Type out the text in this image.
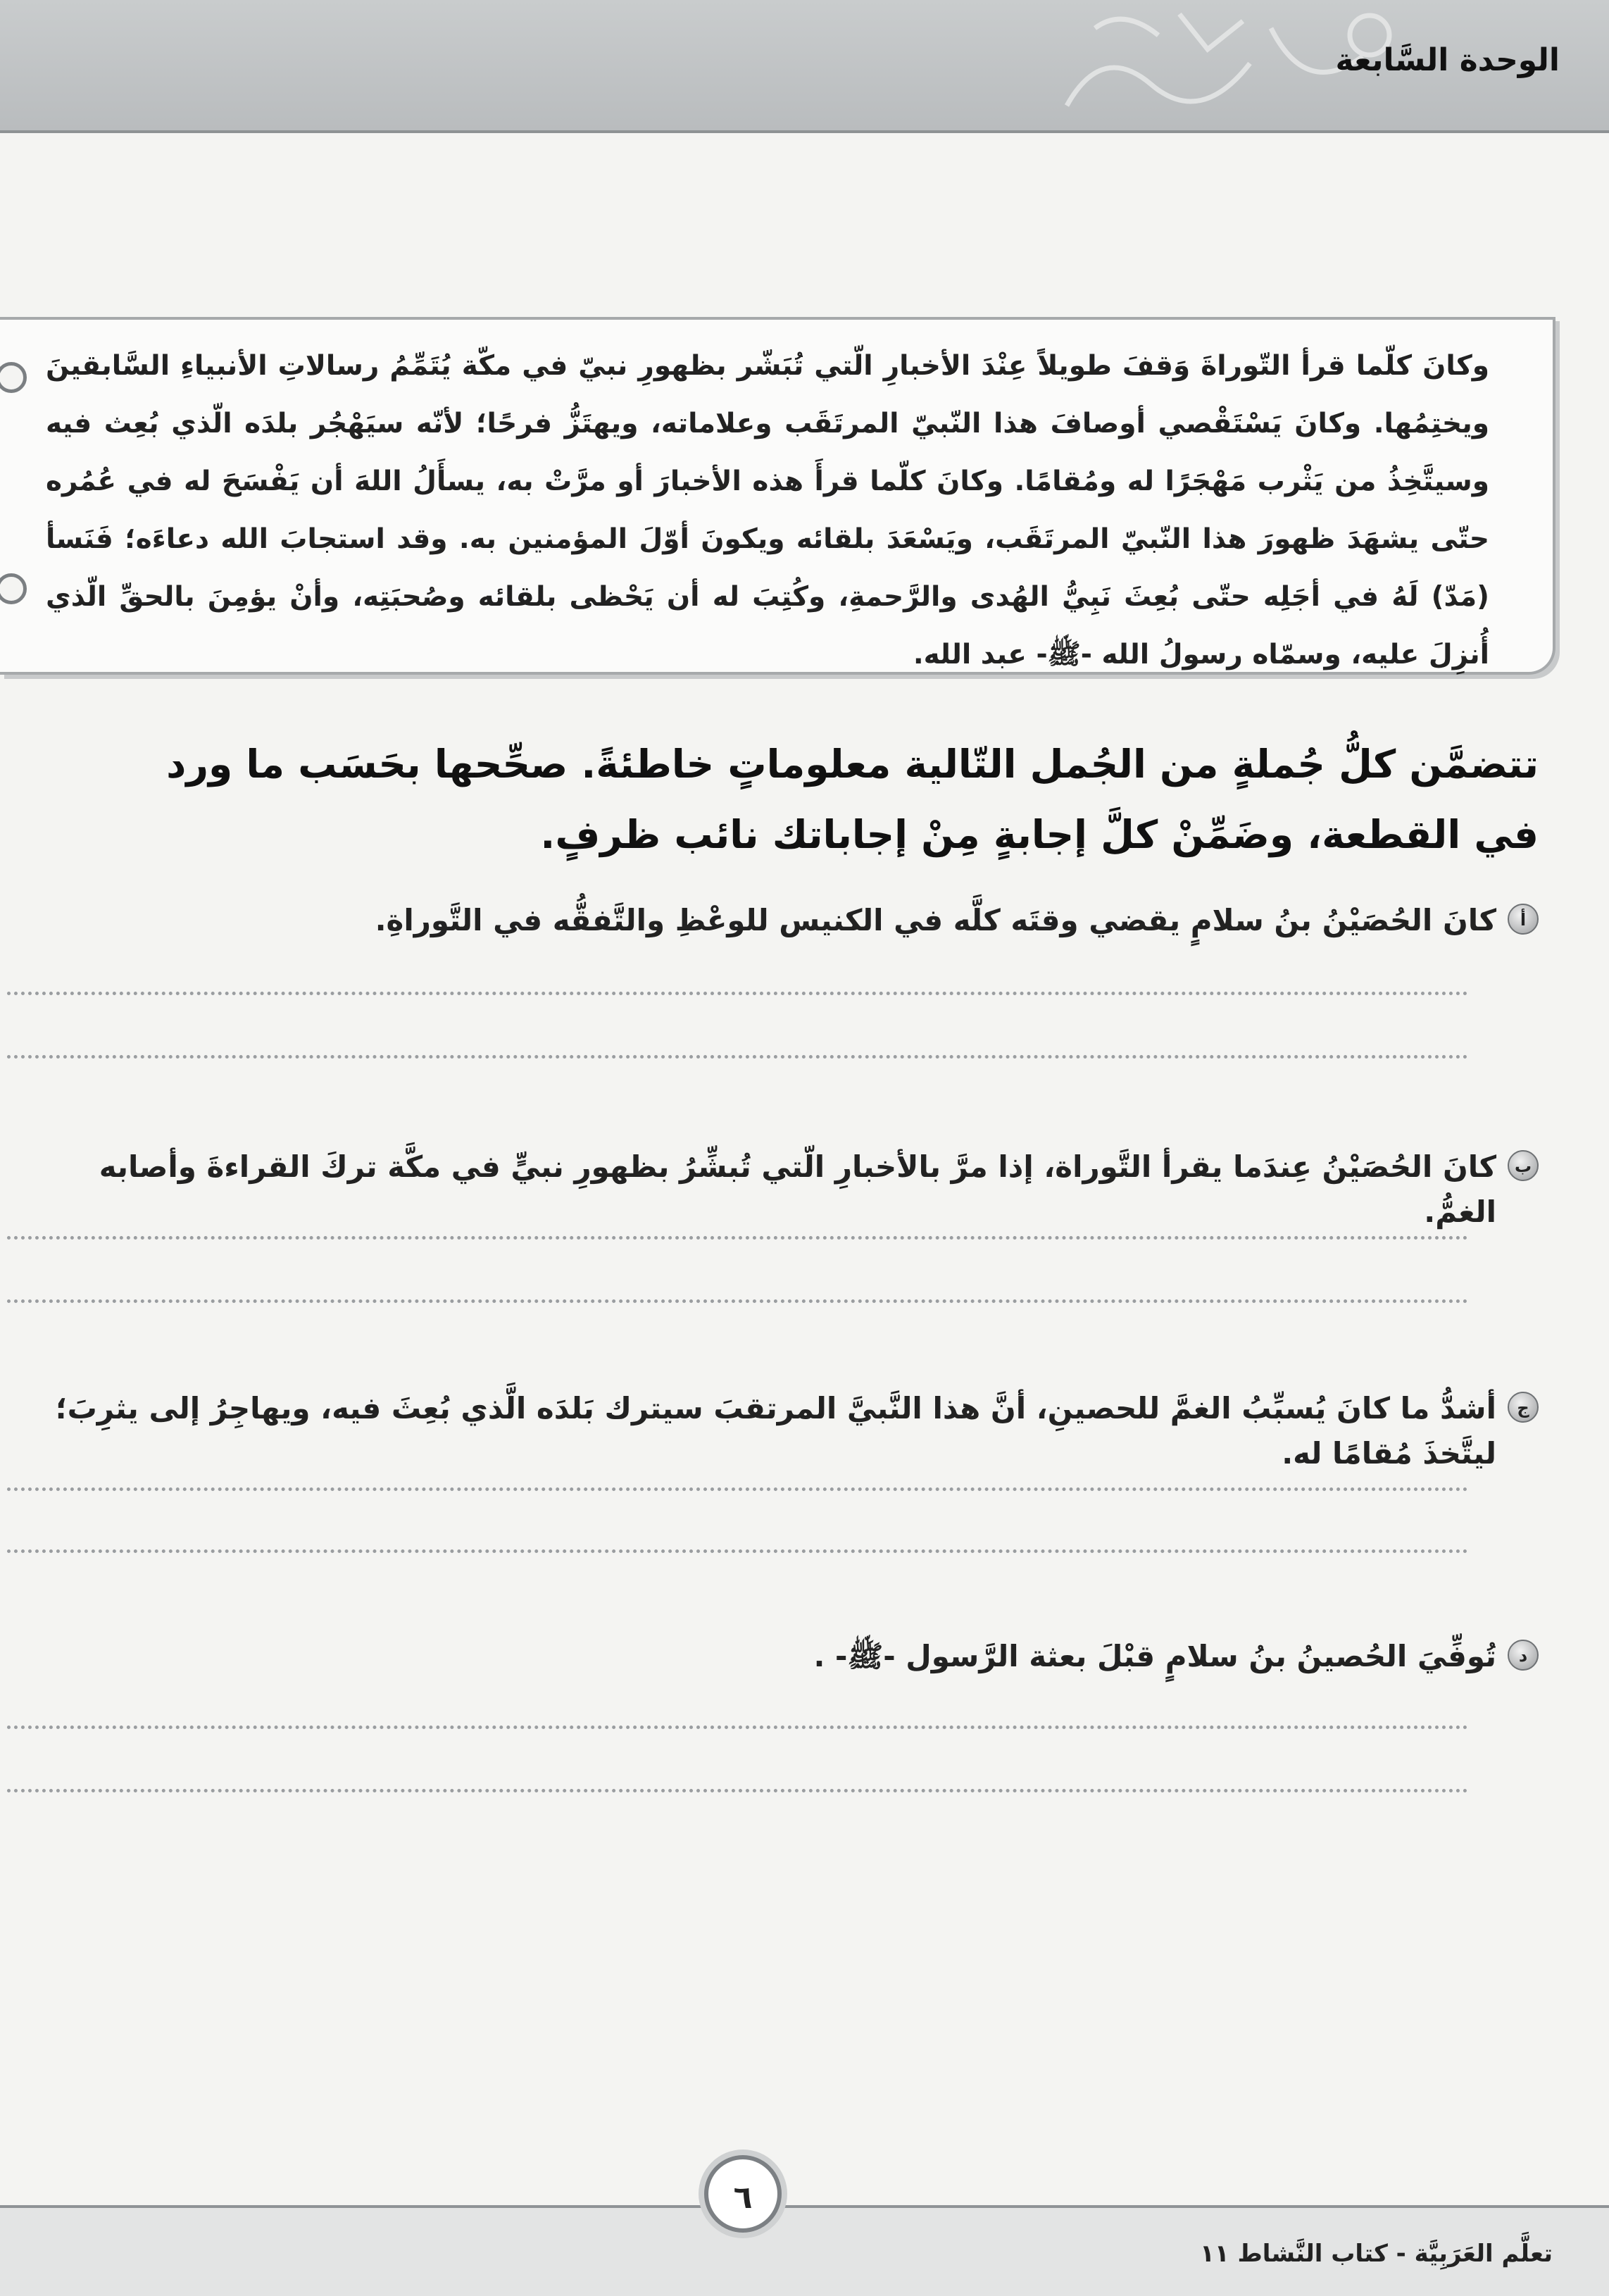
الوحدة السَّابعة
وكانَ كلّما قرأ التّوراةَ وَقفَ طويلاً عِنْدَ الأخبارِ الّتي تُبَشّر بظهورِ نبيّ في مكّة يُتَمِّمُ رسالاتِ الأنبياءِ السَّابقينَ ويختِمُها. وكانَ يَسْتَقْصي أوصافَ هذا النّبيّ المرتَقَب وعلاماته، ويهتَزُّ فرحًا؛ لأنّه سيَهْجُر بلدَه الّذي بُعِث فيه وسيتَّخِذُ من يَثْرب مَهْجَرًا له ومُقامًا. وكانَ كلّما قرأَ هذه الأخبارَ أو مرَّتْ به، يسأَلُ اللهَ أن يَفْسَحَ له في عُمُره حتّى يشهَدَ ظهورَ هذا النّبيّ المرتَقَب، ويَسْعَدَ بلقائه ويكونَ أوّلَ المؤمنين به. وقد استجابَ الله دعاءَه؛ فَنَسأ (مَدّ) لَهُ في أجَلِه حتّى بُعِثَ نَبِيُّ الهُدى والرَّحمةِ، وكُتِبَ له أن يَحْظى بلقائه وصُحبَتِه، وأنْ يؤمِنَ بالحقِّ الّذي أُنزِلَ عليه، وسمّاه رسولُ الله -ﷺ- عبد الله.
تتضمَّن كلُّ جُملةٍ من الجُمل التّالية معلوماتٍ خاطئةً. صحِّحها بحَسَب ما ورد في القطعة، وضَمِّنْ كلَّ إجابةٍ مِنْ إجاباتك نائب ظرفٍ.
أ
كانَ الحُصَيْنُ بنُ سلامٍ يقضي وقتَه كلَّه في الكنيس للوعْظِ والتَّفقُّه في التَّوراةِ.
ب
كانَ الحُصَيْنُ عِندَما يقرأ التَّوراة، إذا مرَّ بالأخبارِ الّتي تُبشِّرُ بظهورِ نبيٍّ في مكَّة تركَ القراءةَ وأصابه الغمُّ.
ج
أشدُّ ما كانَ يُسبِّبُ الغمَّ للحصينِ، أنَّ هذا النَّبيَّ المرتقبَ سيترك بَلدَه الَّذي بُعِثَ فيه، ويهاجِرُ إلى يثرِبَ؛ ليتَّخذَ مُقامًا له.
د
تُوفِّيَ الحُصينُ بنُ سلامٍ قبْلَ بعثة الرَّسول -ﷺ- .
٦
تعلَّم العَرَبِيَّة - كتاب النَّشاط ١١
